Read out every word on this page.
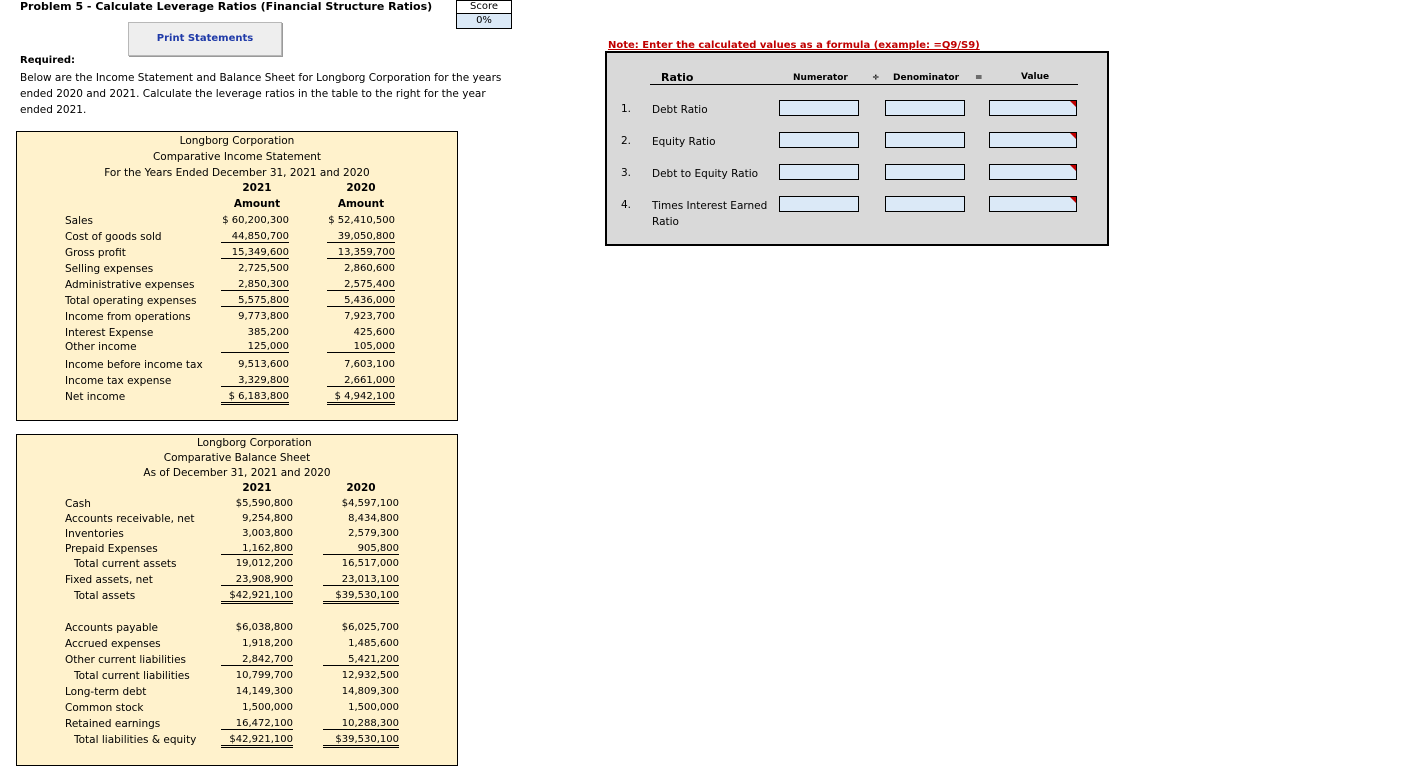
Problem 5 - Calculate Leverage Ratios (Financial Structure Ratios)	Score
0%
Print Statements
Required:
Below are the Income Statement and Balance Sheet for Longborg Corporation for the years ended 2020 and 2021. Calculate the leverage ratios in the table to the right for the year ended 2021.
Longborg Corporation
Comparative Income Statement
For the Years Ended December 31, 2021 and 2020
2021	2020
Amount	Amount
Sales	$ 60,200,300	$ 52,410,500
Cost of goods sold	44,850,700	39,050,800
Gross profit	15,349,600	13,359,700
Selling expenses	2,725,500	2,860,600
Administrative expenses	2,850,300	2,575,400
Total operating expenses	5,575,800	5,436,000
Income from operations	9,773,800	7,923,700
Interest Expense	385,200	425,600
Other income	125,000	105,000
Income before income tax	9,513,600	7,603,100
Income tax expense	3,329,800	2,661,000
Net income	$ 6,183,800	$ 4,942,100
Longborg Corporation
Comparative Balance Sheet
As of December 31, 2021 and 2020
2021	2020
Cash	$5,590,800	$4,597,100
Accounts receivable, net	9,254,800	8,434,800
Inventories	3,003,800	2,579,300
Prepaid Expenses	1,162,800	905,800
Total current assets	19,012,200	16,517,000
Fixed assets, net	23,908,900	23,013,100
Total assets	$42,921,100	$39,530,100
Accounts payable	$6,038,800	$6,025,700
Accrued expenses	1,918,200	1,485,600
Other current liabilities	2,842,700	5,421,200
Total current liabilities	10,799,700	12,932,500
Long-term debt	14,149,300	14,809,300
Common stock	1,500,000	1,500,000
Retained earnings	16,472,100	10,288,300
Total liabilities & equity	$42,921,100	$39,530,100
Note: Enter the calculated values as a formula (example: =Q9/S9)
Ratio	Numerator	÷ Denominator =	Value
1. Debt Ratio
2. Equity Ratio
3. Debt to Equity Ratio
4. Times Interest Earned Ratio
